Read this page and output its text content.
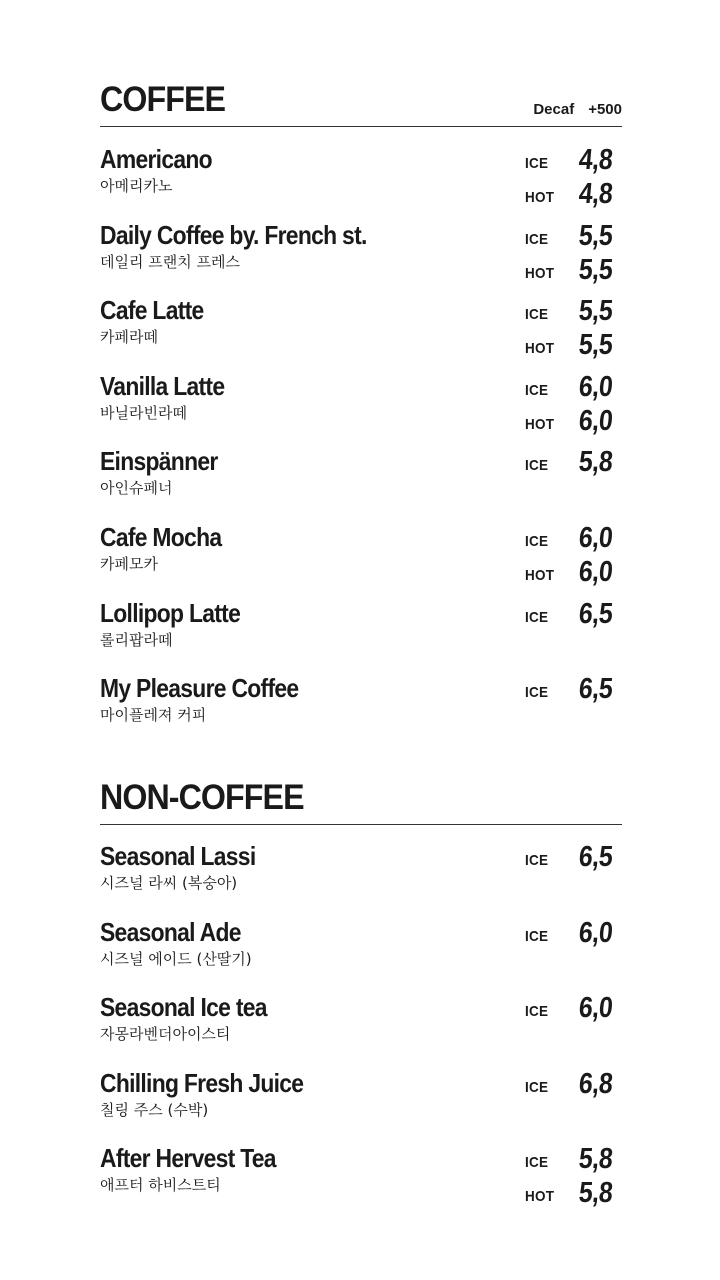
COFFEE	Decaf +500
Americano
아메리카노
ICE 4,8
HOT 4,8
Daily Coffee by. French st.
데일리 프랜치 프레스
ICE 5,5
HOT 5,5
Cafe Latte
카페라떼
ICE 5,5
HOT 5,5
Vanilla Latte
바닐라빈라떼
ICE 6,0
HOT 6,0
Einspänner
아인슈페너
ICE 5,8
Cafe Mocha
카페모카
ICE 6,0
HOT 6,0
Lollipop Latte
롤리팝라떼
ICE 6,5
My Pleasure Coffee
마이플레져 커피
ICE 6,5
NON-COFFEE
Seasonal Lassi
시즈널 라씨 (복숭아)
ICE 6,5
Seasonal Ade
시즈널 에이드 (산딸기)
ICE 6,0
Seasonal Ice tea
자몽라벤더아이스티
ICE 6,0
Chilling Fresh Juice
칠링 주스 (수박)
ICE 6,8
After Hervest Tea
애프터 하비스트티
ICE 5,8
HOT 5,8
